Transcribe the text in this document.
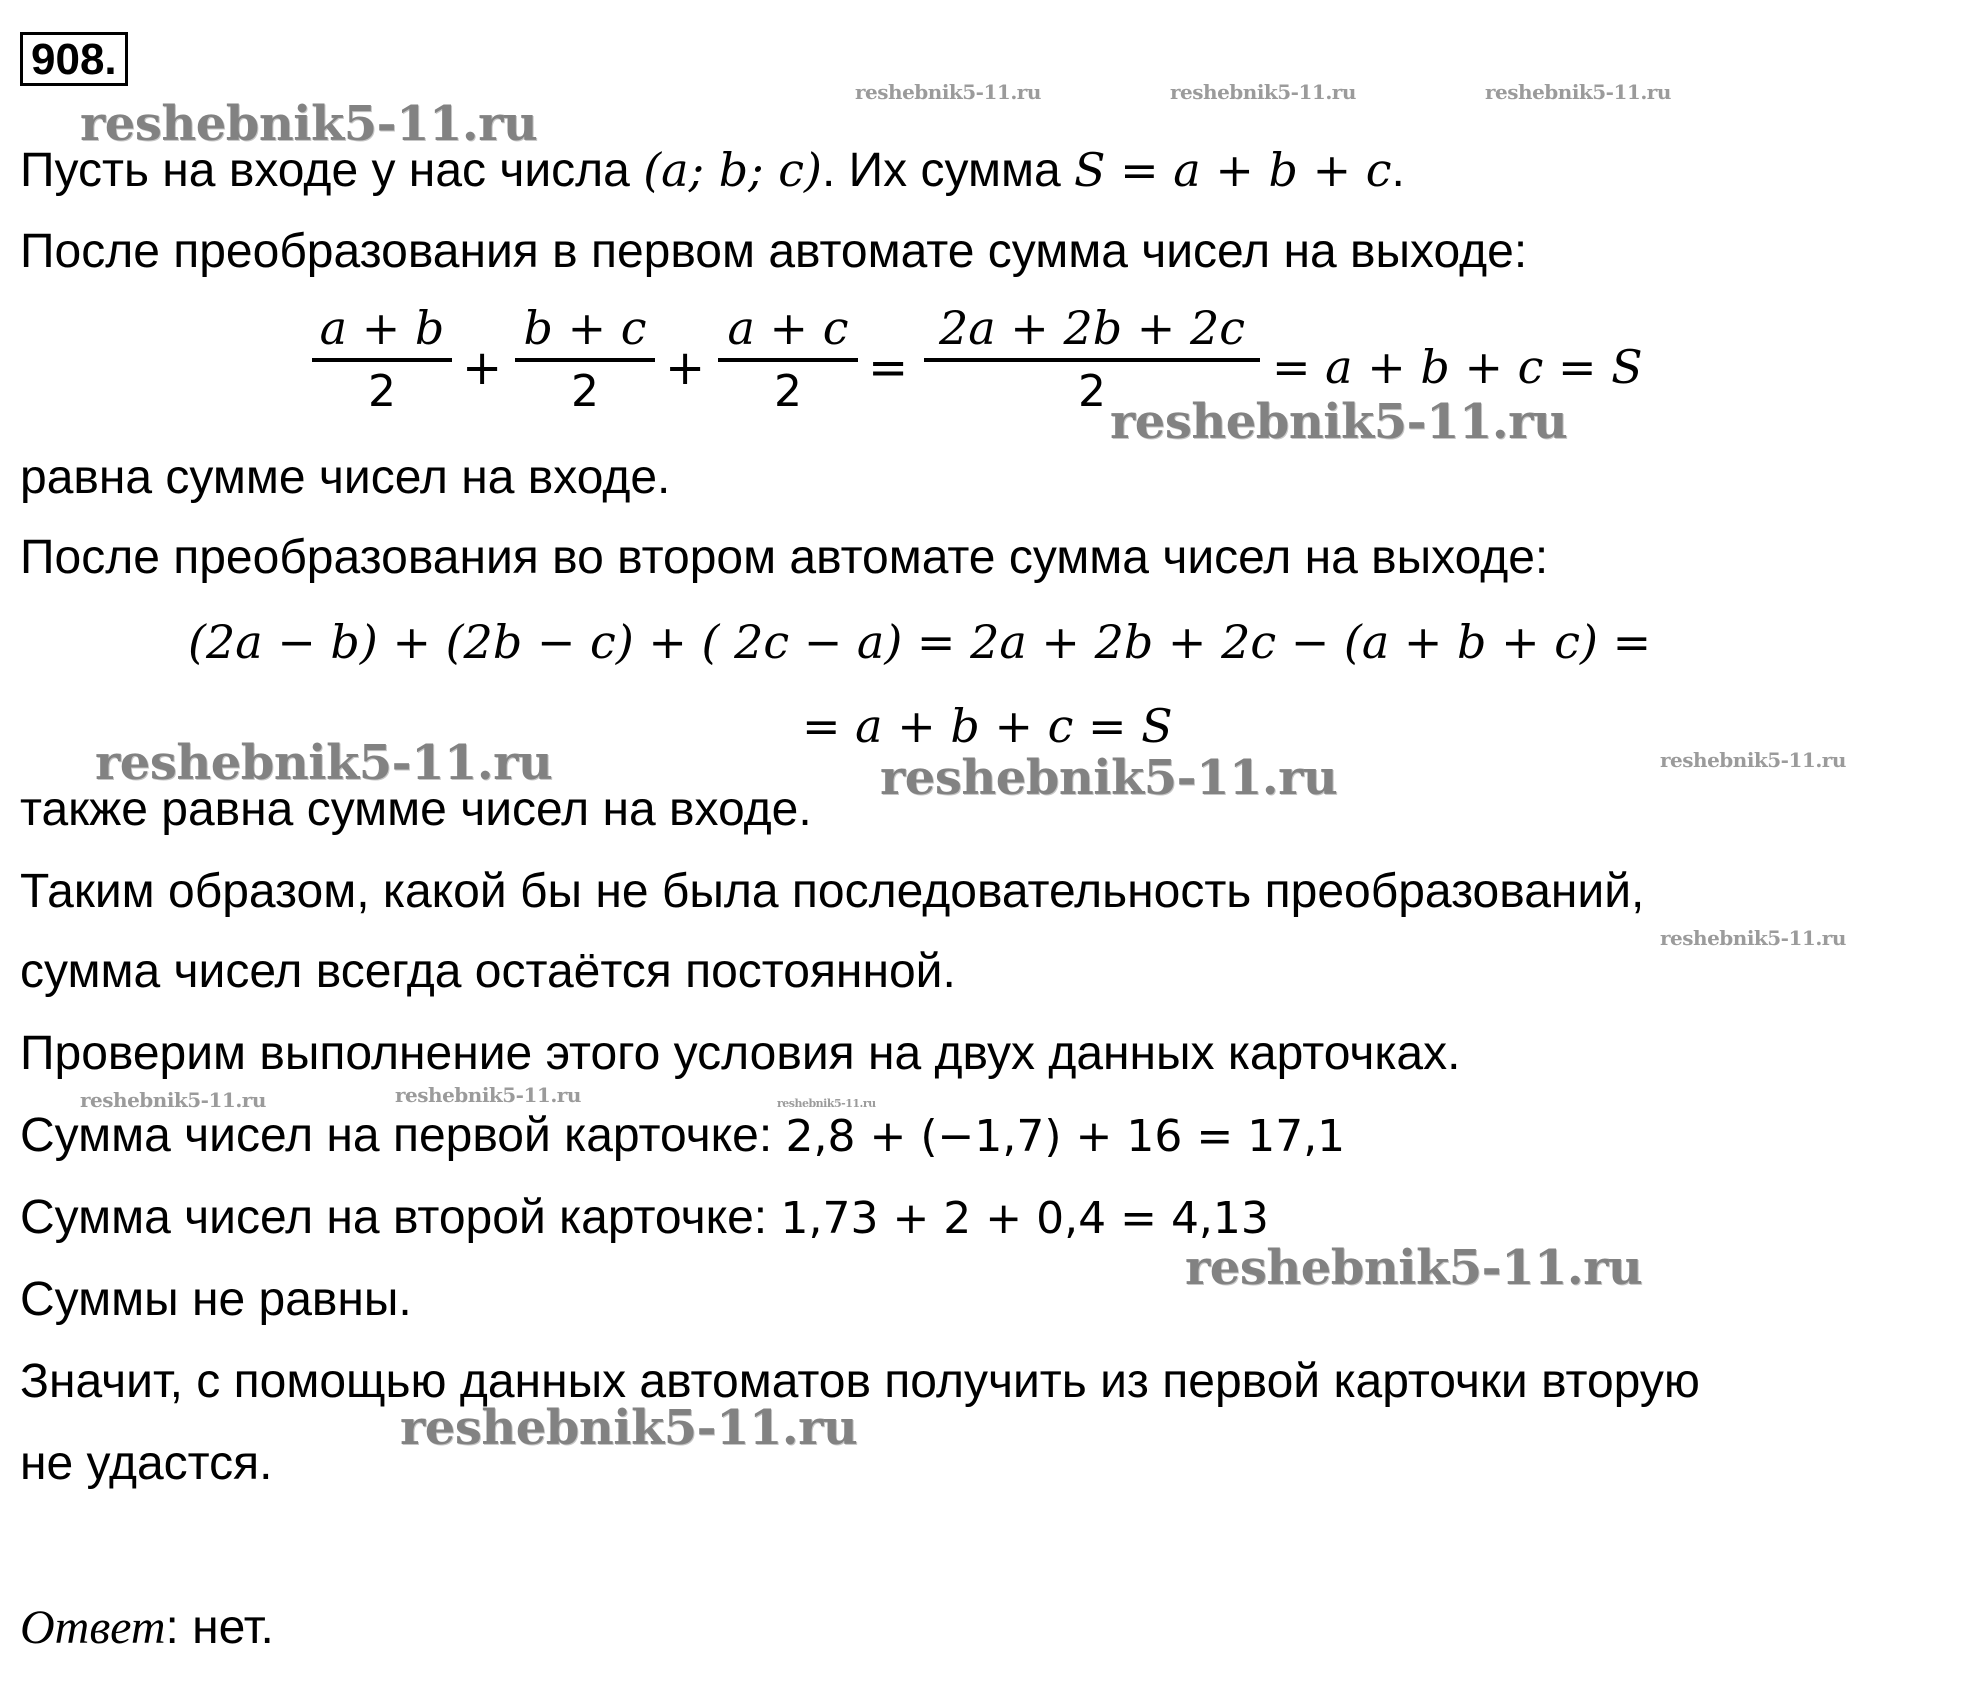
908.
reshebnik5-11.ru
reshebnik5-11.ru	reshebnik5-11.ru	reshebnik5-11.ru
reshebnik5-11.ru
reshebnik5-11.ru	reshebnik5-11.ru	reshebnik5-11.ru
reshebnik5-11.ru
reshebnik5-11.ru	reshebnik5-11.ru	reshebnik5-11.ru
reshebnik5-11.ru
reshebnik5-11.ru
Пусть на входе у нас числа (a; b; c). Их сумма S = a + b + c.
После преобразования в первом автомате сумма чисел на выходе:
a + b
2	+
b + c
2	+
a + c
2	=
2a + 2b + 2c
2	= a + b + c = S
равна сумме чисел на входе.
После преобразования во втором автомате сумма чисел на выходе:
(2a − b) + (2b − c) + ( 2c − a) = 2a + 2b + 2c − (a + b + c) =
= a + b + c = S
также равна сумме чисел на входе.
Таким образом, какой бы не была последовательность преобразований,
сумма чисел всегда остаётся постоянной.
Проверим выполнение этого условия на двух данных карточках.
Сумма чисел на первой карточке: 2,8 + (−1,7) + 16 = 17,1
Сумма чисел на второй карточке: 1,73 + 2 + 0,4 = 4,13
Суммы не равны.
Значит, с помощью данных автоматов получить из первой карточки вторую
не удастся.
Ответ: нет.
